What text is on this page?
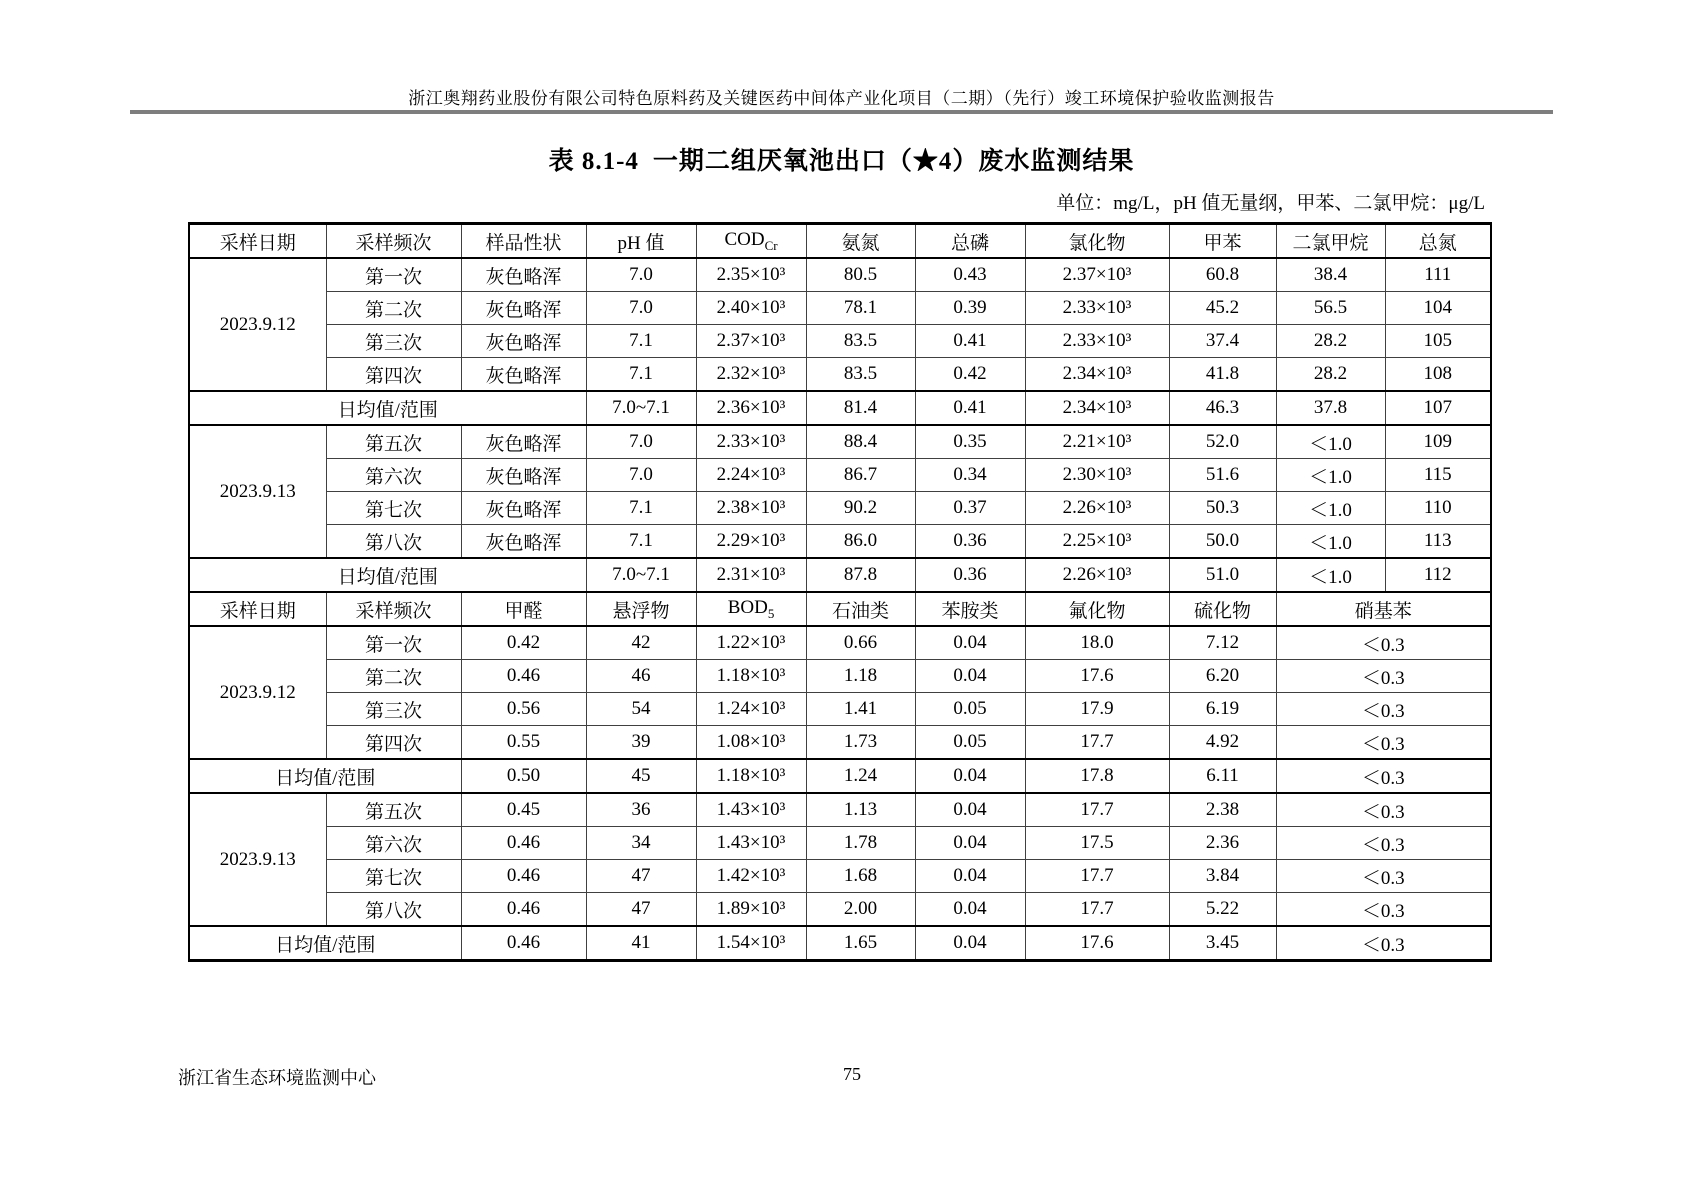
浙江奥翔药业股份有限公司特色原料药及关键医药中间体产业化项目（二期）（先行）竣工环境保护验收监测报告
表 8.1-4 一期二组厌氧池出口（★4）废水监测结果
单位：mg/L，pH 值无量纲，甲苯、二氯甲烷：μg/L
采样日期	采样频次	样品性状	pH 值	$COD_{Cr}$	氨氮	总磷	氯化物	甲苯	二氯甲烷	总氮
2023.9.12	第一次	灰色略浑	7.0	2.35×10³	80.5	0.43	2.37×10³	60.8	38.4	111
	第二次	灰色略浑	7.0	2.40×10³	78.1	0.39	2.33×10³	45.2	56.5	104
	第三次	灰色略浑	7.1	2.37×10³	83.5	0.41	2.33×10³	37.4	28.2	105
	第四次	灰色略浑	7.1	2.32×10³	83.5	0.42	2.34×10³	41.8	28.2	108
日均值/范围			7.0~7.1	2.36×10³	81.4	0.41	2.34×10³	46.3	37.8	107
2023.9.13	第五次	灰色略浑	7.0	2.33×10³	88.4	0.35	2.21×10³	52.0	＜1.0	109
	第六次	灰色略浑	7.0	2.24×10³	86.7	0.34	2.30×10³	51.6	＜1.0	115
	第七次	灰色略浑	7.1	2.38×10³	90.2	0.37	2.26×10³	50.3	＜1.0	110
	第八次	灰色略浑	7.1	2.29×10³	86.0	0.36	2.25×10³	50.0	＜1.0	113
日均值/范围			7.0~7.1	2.31×10³	87.8	0.36	2.26×10³	51.0	＜1.0	112
采样日期	采样频次	甲醛	悬浮物	$BOD_5$	石油类	苯胺类	氟化物	硫化物	硝基苯	
2023.9.12	第一次	0.42	42	1.22×10³	0.66	0.04	18.0	7.12	＜0.3	
	第二次	0.46	46	1.18×10³	1.18	0.04	17.6	6.20	＜0.3	
	第三次	0.56	54	1.24×10³	1.41	0.05	17.9	6.19	＜0.3	
	第四次	0.55	39	1.08×10³	1.73	0.05	17.7	4.92	＜0.3	
日均值/范围		0.50	45	1.18×10³	1.24	0.04	17.8	6.11	＜0.3	
2023.9.13	第五次	0.45	36	1.43×10³	1.13	0.04	17.7	2.38	＜0.3	
	第六次	0.46	34	1.43×10³	1.78	0.04	17.5	2.36	＜0.3	
	第七次	0.46	47	1.42×10³	1.68	0.04	17.7	3.84	＜0.3	
	第八次	0.46	47	1.89×10³	2.00	0.04	17.7	5.22	＜0.3	
日均值/范围		0.46	41	1.54×10³	1.65	0.04	17.6	3.45	＜0.3	
浙江省生态环境监测中心	75
